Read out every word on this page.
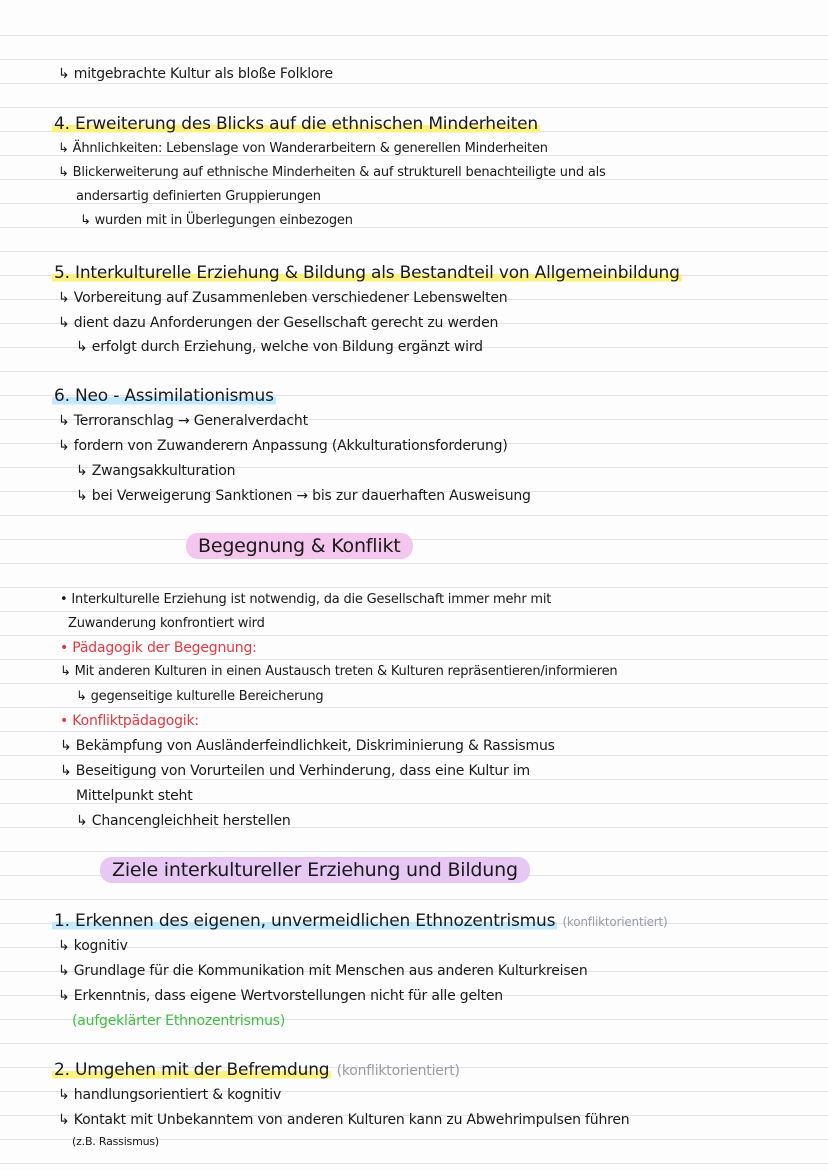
↳ mitgebrachte Kultur als bloße Folklore
4. Erweiterung des Blicks auf die ethnischen Minderheiten
↳ Ähnlichkeiten: Lebenslage von Wanderarbeitern & generellen Minderheiten
↳ Blickerweiterung auf ethnische Minderheiten & auf strukturell benachteiligte und als
andersartig definierten Gruppierungen
↳ wurden mit in Überlegungen einbezogen
5. Interkulturelle Erziehung & Bildung als Bestandteil von Allgemeinbildung
↳ Vorbereitung auf Zusammenleben verschiedener Lebenswelten
↳ dient dazu Anforderungen der Gesellschaft gerecht zu werden
↳ erfolgt durch Erziehung, welche von Bildung ergänzt wird
6. Neo - Assimilationismus
↳ Terroranschlag → Generalverdacht
↳ fordern von Zuwanderern Anpassung (Akkulturationsforderung)
↳ Zwangsakkulturation
↳ bei Verweigerung Sanktionen → bis zur dauerhaften Ausweisung
Begegnung & Konflikt
• Interkulturelle Erziehung ist notwendig, da die Gesellschaft immer mehr mit
Zuwanderung konfrontiert wird
• Pädagogik der Begegnung:
↳ Mit anderen Kulturen in einen Austausch treten & Kulturen repräsentieren/informieren
↳ gegenseitige kulturelle Bereicherung
• Konfliktpädagogik:
↳ Bekämpfung von Ausländerfeindlichkeit, Diskriminierung & Rassismus
↳ Beseitigung von Vorurteilen und Verhinderung, dass eine Kultur im
Mittelpunkt steht
↳ Chancengleichheit herstellen
Ziele interkultureller Erziehung und Bildung
1. Erkennen des eigenen, unvermeidlichen Ethnozentrismus (konfliktorientiert)
↳ kognitiv
↳ Grundlage für die Kommunikation mit Menschen aus anderen Kulturkreisen
↳ Erkenntnis, dass eigene Wertvorstellungen nicht für alle gelten
(aufgeklärter Ethnozentrismus)
2. Umgehen mit der Befremdung (konfliktorientiert)
↳ handlungsorientiert & kognitiv
↳ Kontakt mit Unbekanntem von anderen Kulturen kann zu Abwehrimpulsen führen
(z.B. Rassismus)
